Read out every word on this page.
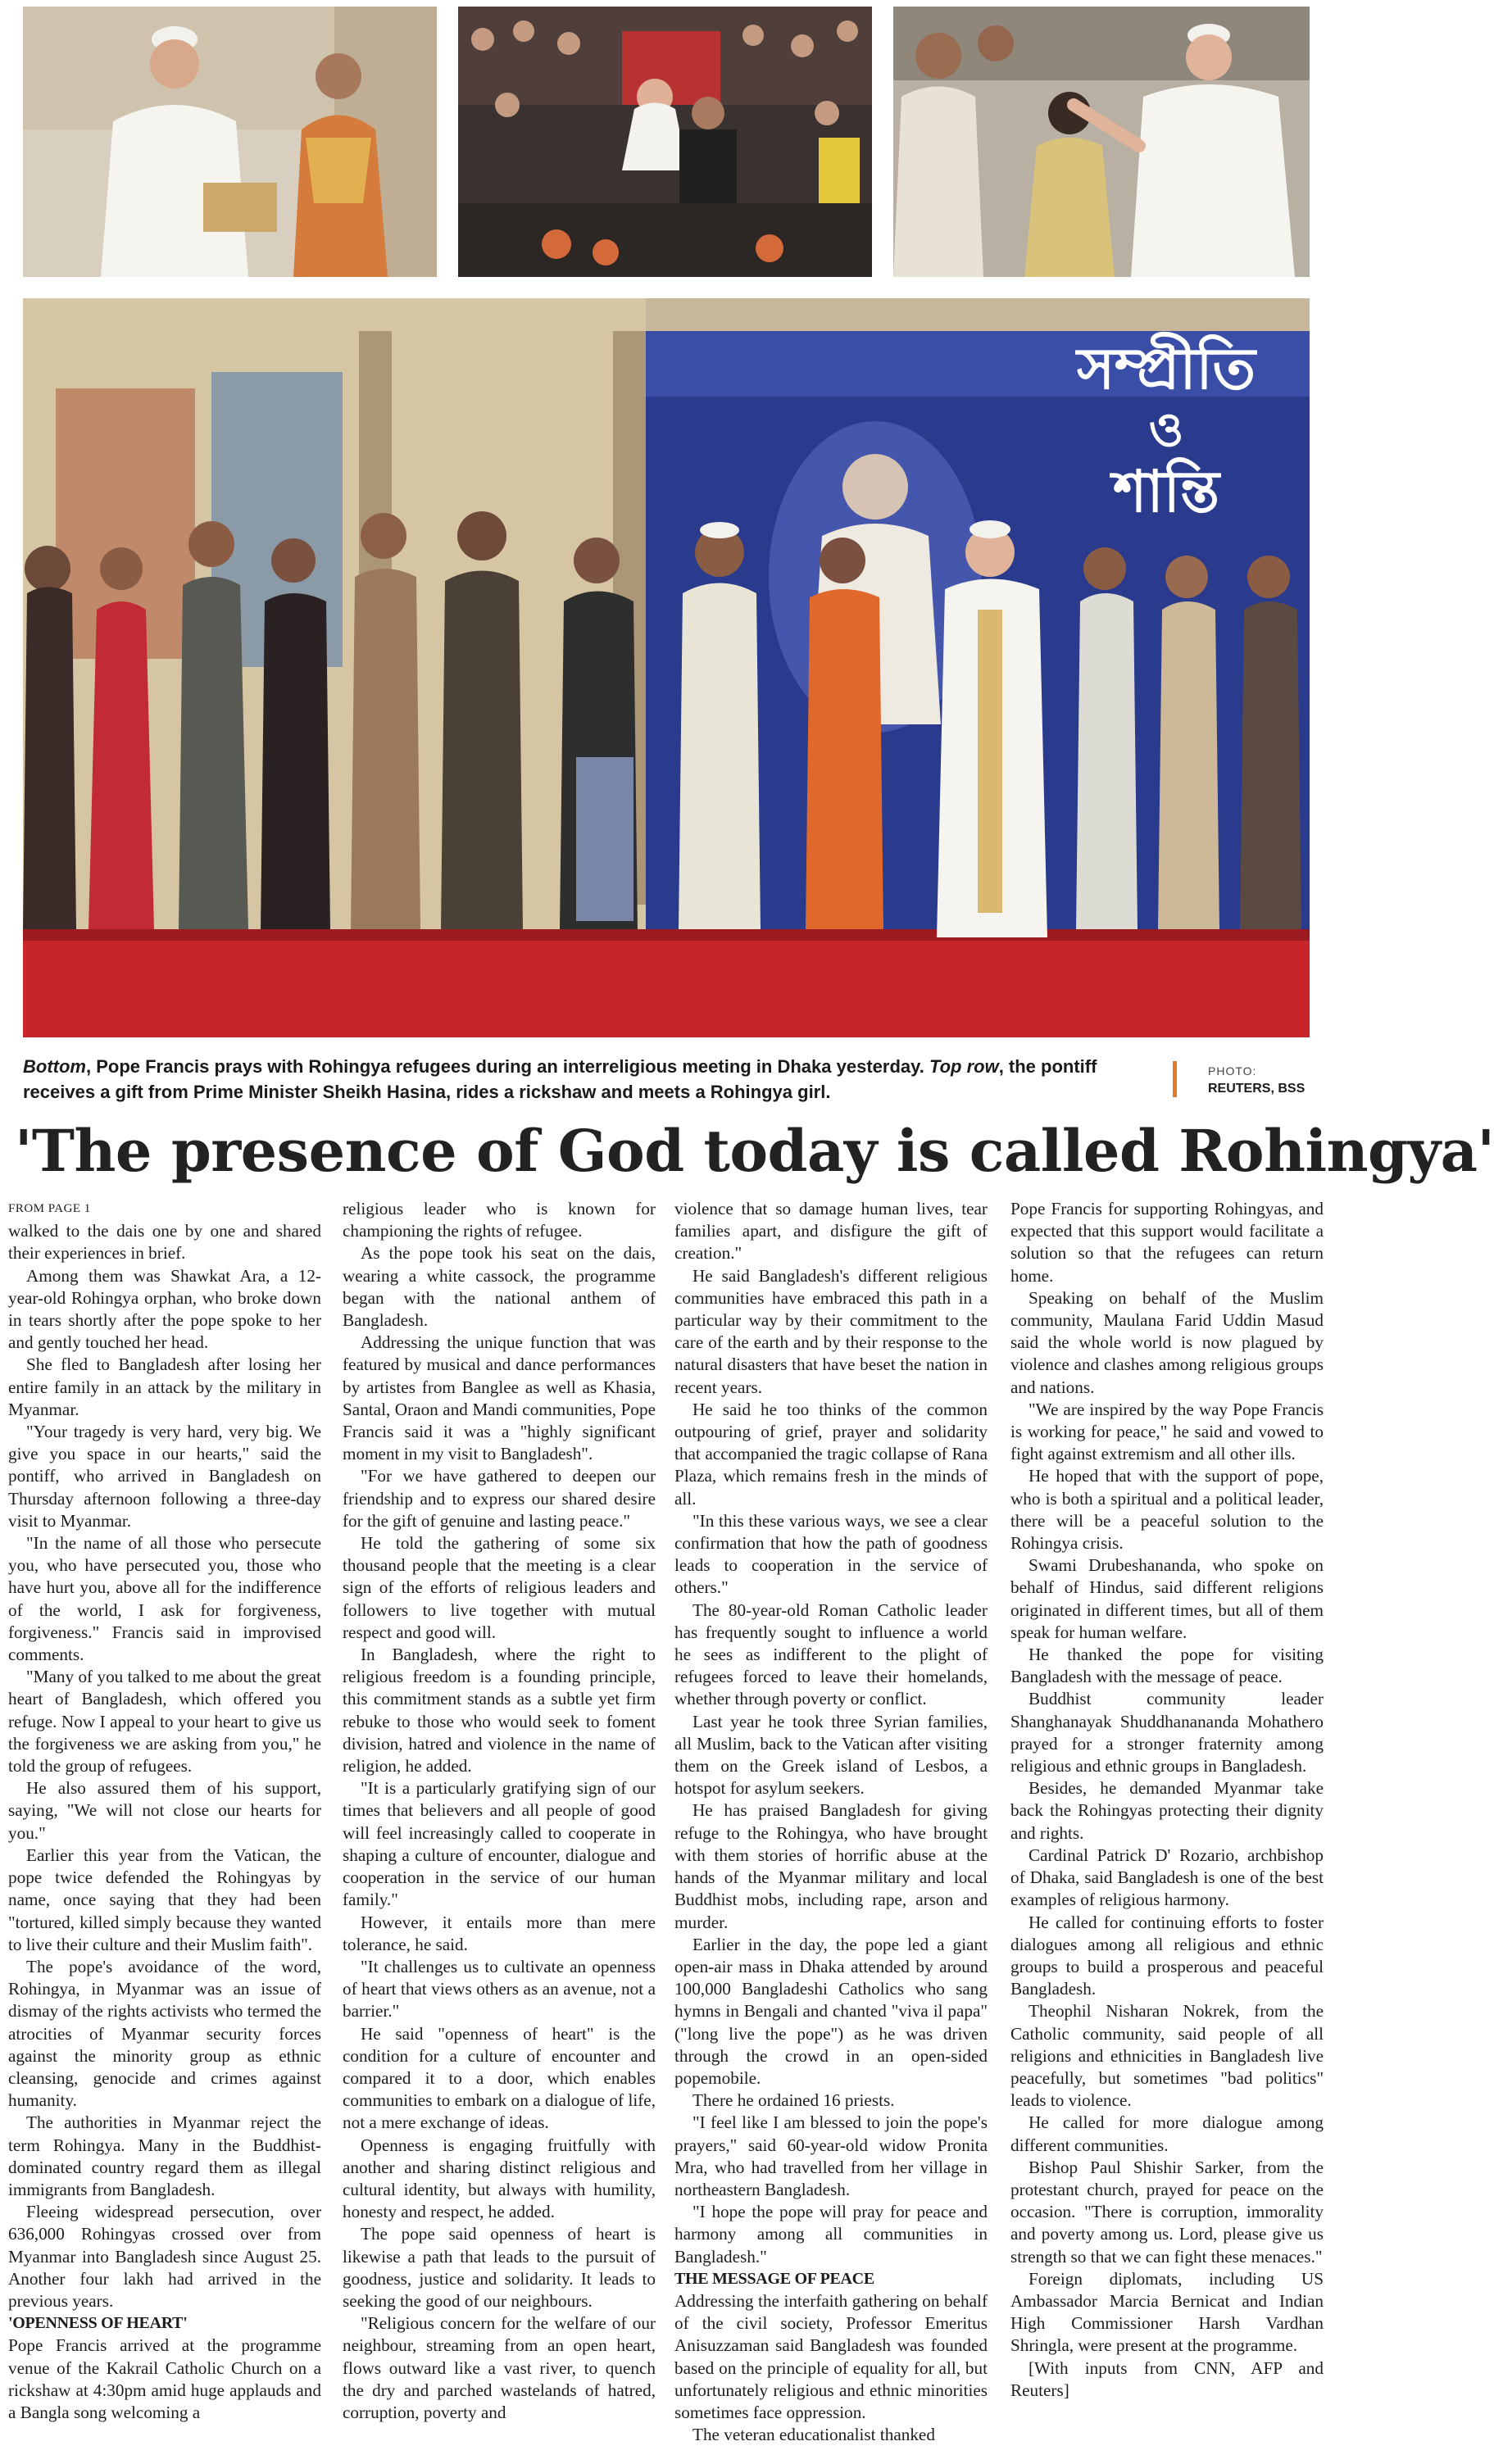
সম্প্রীতি
ও
শান্তি
Bottom, Pope Francis prays with Rohingya refugees during an interreligious meeting in Dhaka yesterday. Top row, the pontiff receives a gift from Prime Minister Sheikh Hasina, rides a rickshaw and meets a Rohingya girl.
PHOTO:
REUTERS, BSS
'The presence of God today is called Rohingya'

FROM PAGE 1

walked to the dais one by one and shared their experiences in brief.

Among them was Shawkat Ara, a 12-year-old Rohingya orphan, who broke down in tears shortly after the pope spoke to her and gently touched her head.

She fled to Bangladesh after losing her entire family in an attack by the military in Myanmar.

"Your tragedy is very hard, very big. We give you space in our hearts," said the pontiff, who arrived in Bangladesh on Thursday afternoon following a three-day visit to Myanmar.

"In the name of all those who persecute you, who have persecuted you, those who have hurt you, above all for the indifference of the world, I ask for forgiveness, forgiveness." Francis said in improvised comments.

"Many of you talked to me about the great heart of Bangladesh, which offered you refuge. Now I appeal to your heart to give us the forgiveness we are asking from you," he told the group of refugees.

He also assured them of his support, saying, "We will not close our hearts for you."

Earlier this year from the Vatican, the pope twice defended the Rohingyas by name, once saying that they had been "tortured, killed simply because they wanted to live their culture and their Muslim faith".

The pope's avoidance of the word, Rohingya, in Myanmar was an issue of dismay of the rights activists who termed the atrocities of Myanmar security forces against the minority group as ethnic cleansing, genocide and crimes against humanity.

The authorities in Myanmar reject the term Rohingya. Many in the Buddhist-dominated country regard them as illegal immigrants from Bangladesh.

Fleeing widespread persecution, over 636,000 Rohingyas crossed over from Myanmar into Bangladesh since August 25. Another four lakh had arrived in the previous years.

'OPENNESS OF HEART'

Pope Francis arrived at the programme venue of the Kakrail Catholic Church on a rickshaw at 4:30pm amid huge applauds and a Bangla song welcoming a

religious leader who is known for championing the rights of refugee.

As the pope took his seat on the dais, wearing a white cassock, the programme began with the national anthem of Bangladesh.

Addressing the unique function that was featured by musical and dance performances by artistes from Banglee as well as Khasia, Santal, Oraon and Mandi communities, Pope Francis said it was a "highly significant moment in my visit to Bangladesh".

"For we have gathered to deepen our friendship and to express our shared desire for the gift of genuine and lasting peace."

He told the gathering of some six thousand people that the meeting is a clear sign of the efforts of religious leaders and followers to live together with mutual respect and good will.

In Bangladesh, where the right to religious freedom is a founding principle, this commitment stands as a subtle yet firm rebuke to those who would seek to foment division, hatred and violence in the name of religion, he added.

"It is a particularly gratifying sign of our times that believers and all people of good will feel increasingly called to cooperate in shaping a culture of encounter, dialogue and cooperation in the service of our human family."

However, it entails more than mere tolerance, he said.

"It challenges us to cultivate an openness of heart that views others as an avenue, not a barrier."

He said "openness of heart" is the condition for a culture of encounter and compared it to a door, which enables communities to embark on a dialogue of life, not a mere exchange of ideas.

Openness is engaging fruitfully with another and sharing distinct religious and cultural identity, but always with humility, honesty and respect, he added.

The pope said openness of heart is likewise a path that leads to the pursuit of goodness, justice and solidarity. It leads to seeking the good of our neighbours.

"Religious concern for the welfare of our neighbour, streaming from an open heart, flows outward like a vast river, to quench the dry and parched wastelands of hatred, corruption, poverty and

violence that so damage human lives, tear families apart, and disfigure the gift of creation."

He said Bangladesh's different religious communities have embraced this path in a particular way by their commitment to the care of the earth and by their response to the natural disasters that have beset the nation in recent years.

He said he too thinks of the common outpouring of grief, prayer and solidarity that accompanied the tragic collapse of Rana Plaza, which remains fresh in the minds of all.

"In this these various ways, we see a clear confirmation that how the path of goodness leads to cooperation in the service of others."

The 80-year-old Roman Catholic leader has frequently sought to influence a world he sees as indifferent to the plight of refugees forced to leave their homelands, whether through poverty or conflict.

Last year he took three Syrian families, all Muslim, back to the Vatican after visiting them on the Greek island of Lesbos, a hotspot for asylum seekers.

He has praised Bangladesh for giving refuge to the Rohingya, who have brought with them stories of horrific abuse at the hands of the Myanmar military and local Buddhist mobs, including rape, arson and murder.

Earlier in the day, the pope led a giant open-air mass in Dhaka attended by around 100,000 Bangladeshi Catholics who sang hymns in Bengali and chanted "viva il papa" ("long live the pope") as he was driven through the crowd in an open-sided popemobile.

There he ordained 16 priests.

"I feel like I am blessed to join the pope's prayers," said 60-year-old widow Pronita Mra, who had travelled from her village in northeastern Bangladesh.

"I hope the pope will pray for peace and harmony among all communities in Bangladesh."

THE MESSAGE OF PEACE

Addressing the interfaith gathering on behalf of the civil society, Professor Emeritus Anisuzzaman said Bangladesh was founded based on the principle of equality for all, but unfortunately religious and ethnic minorities sometimes face oppression.

The veteran educationalist thanked

Pope Francis for supporting Rohingyas, and expected that this support would facilitate a solution so that the refugees can return home.

Speaking on behalf of the Muslim community, Maulana Farid Uddin Masud said the whole world is now plagued by violence and clashes among religious groups and nations.

"We are inspired by the way Pope Francis is working for peace," he said and vowed to fight against extremism and all other ills.

He hoped that with the support of pope, who is both a spiritual and a political leader, there will be a peaceful solution to the Rohingya crisis.

Swami Drubeshananda, who spoke on behalf of Hindus, said different religions originated in different times, but all of them speak for human welfare.

He thanked the pope for visiting Bangladesh with the message of peace.

Buddhist community leader Shanghanayak Shuddhanananda Mohathero prayed for a stronger fraternity among religious and ethnic groups in Bangladesh.

Besides, he demanded Myanmar take back the Rohingyas protecting their dignity and rights.

Cardinal Patrick D' Rozario, archbishop of Dhaka, said Bangladesh is one of the best examples of religious harmony.

He called for continuing efforts to foster dialogues among all religious and ethnic groups to build a prosperous and peaceful Bangladesh.

Theophil Nisharan Nokrek, from the Catholic community, said people of all religions and ethnicities in Bangladesh live peacefully, but sometimes "bad politics" leads to violence.

He called for more dialogue among different communities.

Bishop Paul Shishir Sarker, from the protestant church, prayed for peace on the occasion. "There is corruption, immorality and poverty among us. Lord, please give us strength so that we can fight these menaces."

Foreign diplomats, including US Ambassador Marcia Bernicat and Indian High Commissioner Harsh Vardhan Shringla, were present at the programme.

[With inputs from CNN, AFP and Reuters]
